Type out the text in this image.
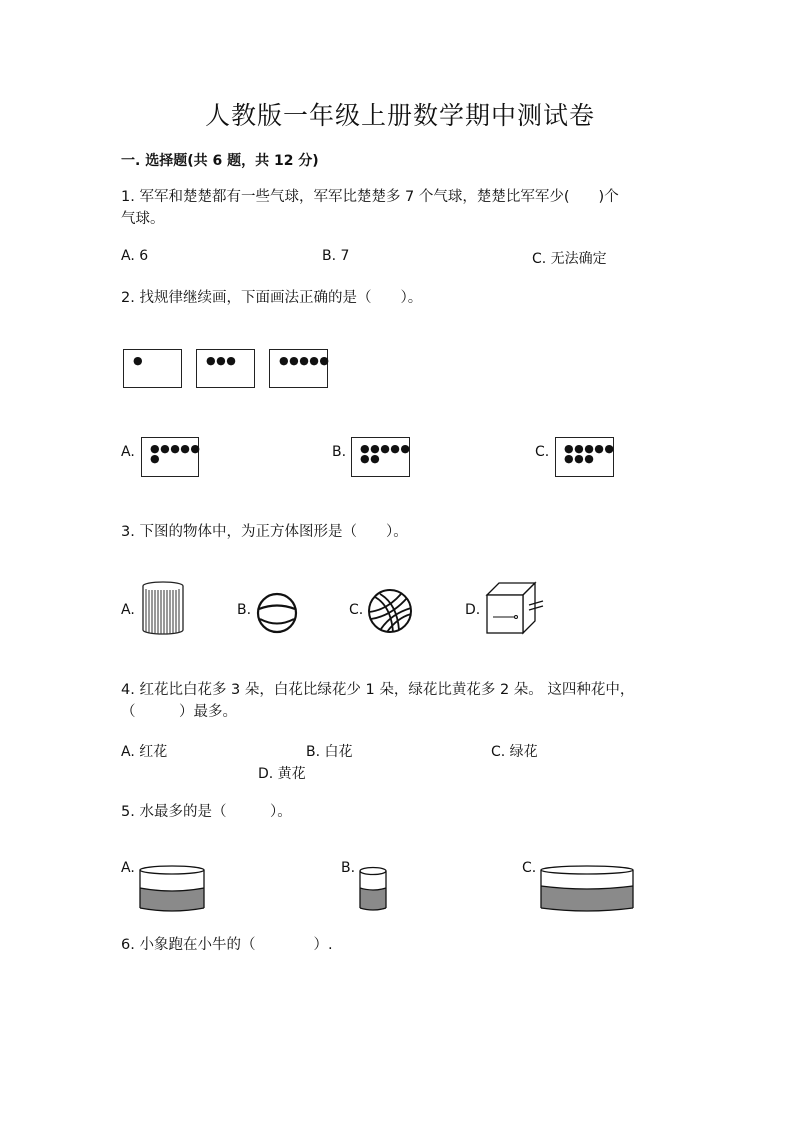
人教版一年级上册数学期中测试卷
一. 选择题(共 6 题，共 12 分)
1. 军军和楚楚都有一些气球，军军比楚楚多 7 个气球，楚楚比军军少(　　)个
气球。
A. 6	B. 7	C. 无法确定
2. 找规律继续画，下面画法正确的是（　　）。
●	●●●	●●●●●
A. ●●●●●
●	B. ●●●●●
●●	C. ●●●●●
●●●
3. 下图的物体中，为正方体图形是（　　）。
A.	B.	C.	D.
4. 红花比白花多 3 朵，白花比绿花少 1 朵，绿花比黄花多 2 朵。 这四种花中，
（　　　）最多。
A. 红花	B. 白花	C. 绿花
D. 黄花
5. 水最多的是（　　　）。
A.	B.	C.
6. 小象跑在小牛的（　　　　）.
